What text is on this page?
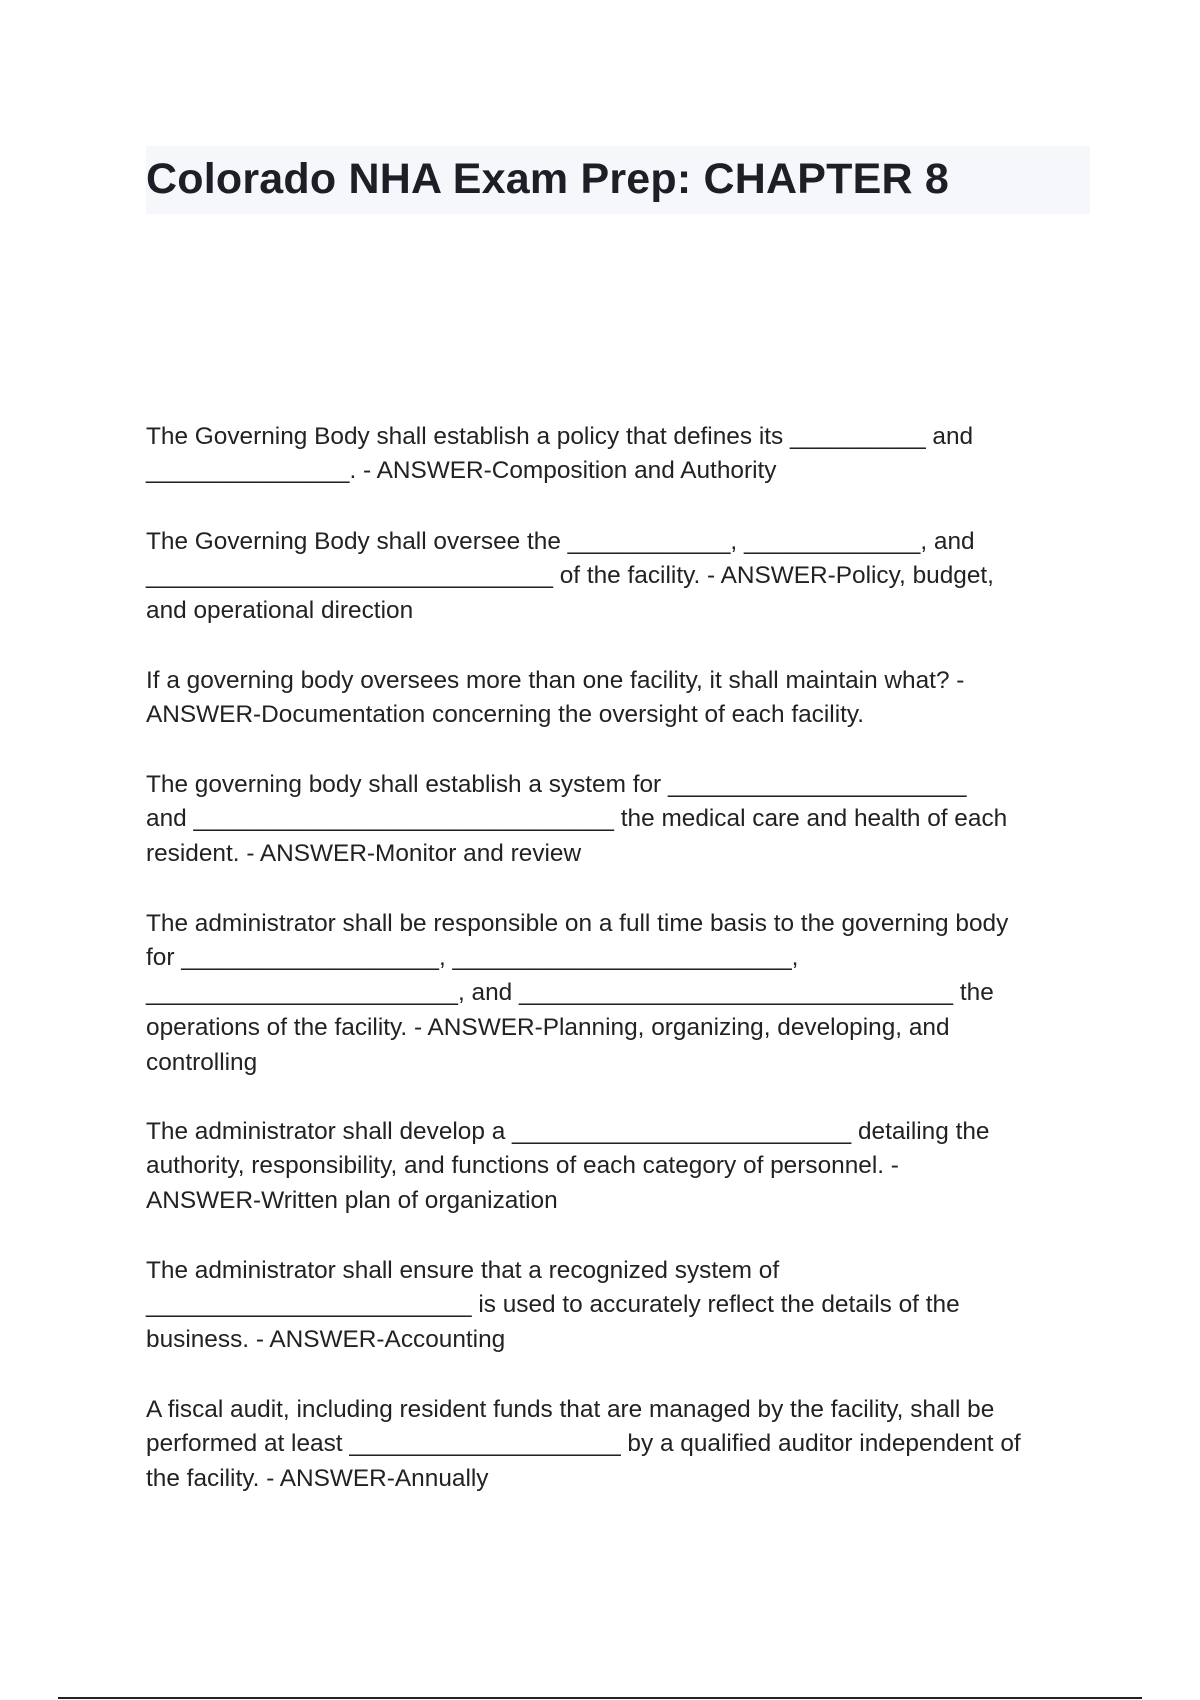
Colorado NHA Exam Prep: CHAPTER 8

The Governing Body shall establish a policy that defines its __________ and
_______________. - ANSWER-Composition and Authority

The Governing Body shall oversee the ____________, _____________, and
______________________________ of the facility. - ANSWER-Policy, budget,
and operational direction

If a governing body oversees more than one facility, it shall maintain what? -
ANSWER-Documentation concerning the oversight of each facility.

The governing body shall establish a system for ______________________
and _______________________________ the medical care and health of each
resident. - ANSWER-Monitor and review

The administrator shall be responsible on a full time basis to the governing body
for ___________________, _________________________,
_______________________, and ________________________________ the
operations of the facility. - ANSWER-Planning, organizing, developing, and
controlling

The administrator shall develop a _________________________ detailing the
authority, responsibility, and functions of each category of personnel. -
ANSWER-Written plan of organization

The administrator shall ensure that a recognized system of
________________________ is used to accurately reflect the details of the
business. - ANSWER-Accounting

A fiscal audit, including resident funds that are managed by the facility, shall be
performed at least ____________________ by a qualified auditor independent of
the facility. - ANSWER-Annually
